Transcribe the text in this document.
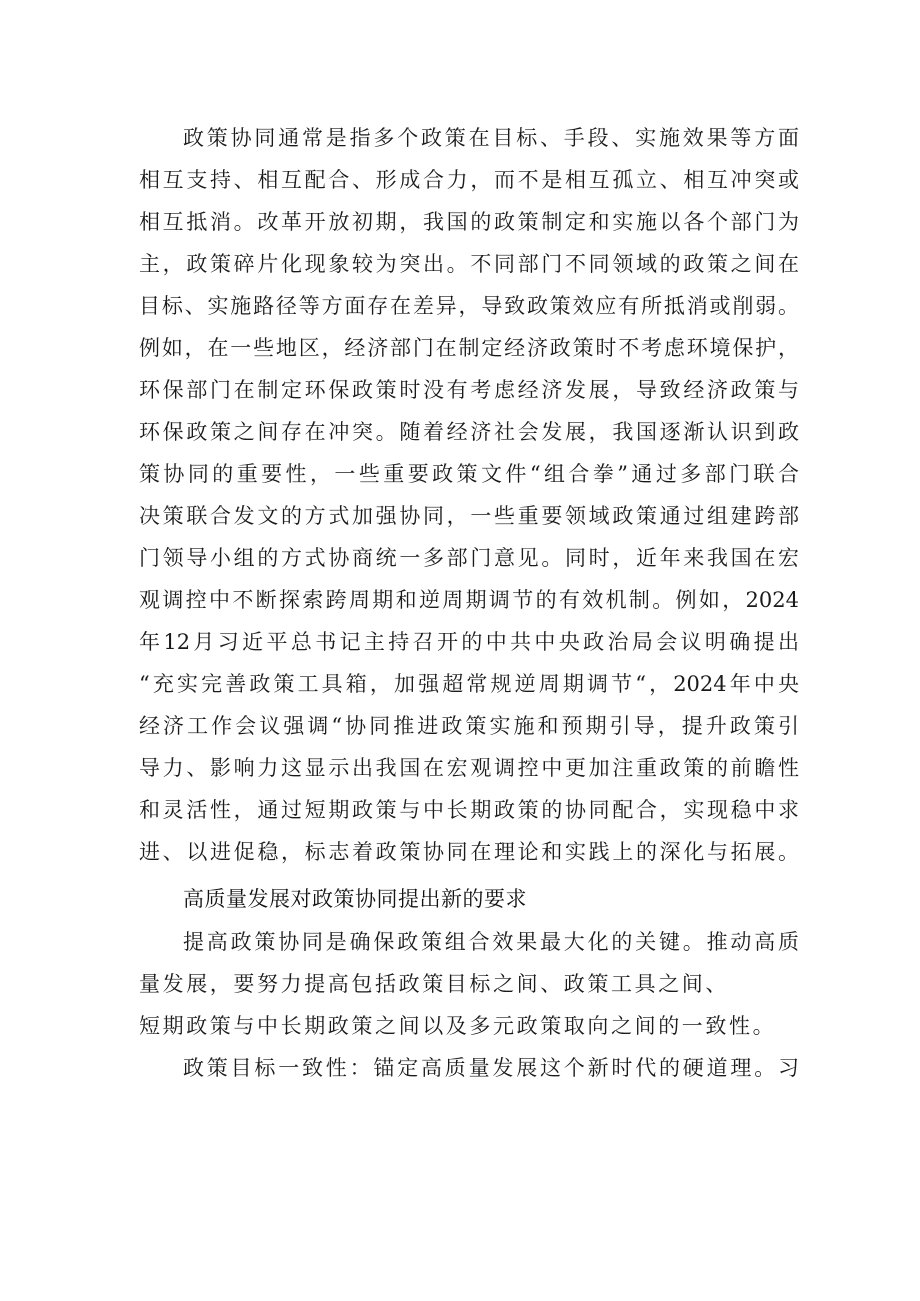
政策协同通常是指多个政策在目标、手段、实施效果等方面
相互支持、相互配合、形成合力，而不是相互孤立、相互冲突或
相互抵消。改革开放初期，我国的政策制定和实施以各个部门为
主，政策碎片化现象较为突出。不同部门不同领域的政策之间在
目标、实施路径等方面存在差异，导致政策效应有所抵消或削弱。
例如，在一些地区，经济部门在制定经济政策时不考虑环境保护，
环保部门在制定环保政策时没有考虑经济发展，导致经济政策与
环保政策之间存在冲突。随着经济社会发展，我国逐渐认识到政
策协同的重要性，一些重要政策文件“组合拳”通过多部门联合
决策联合发文的方式加强协同，一些重要领域政策通过组建跨部
门领导小组的方式协商统一多部门意见。同时，近年来我国在宏
观调控中不断探索跨周期和逆周期调节的有效机制。例如，2024
年12月习近平总书记主持召开的中共中央政治局会议明确提出
“充实完善政策工具箱，加强超常规逆周期调节“，2024年中央
经济工作会议强调“协同推进政策实施和预期引导，提升政策引
导力、影响力这显示出我国在宏观调控中更加注重政策的前瞻性
和灵活性，通过短期政策与中长期政策的协同配合，实现稳中求
进、以进促稳，标志着政策协同在理论和实践上的深化与拓展。
高质量发展对政策协同提出新的要求
提高政策协同是确保政策组合效果最大化的关键。推动高质
量发展，要努力提高包括政策目标之间、政策工具之间、
短期政策与中长期政策之间以及多元政策取向之间的一致性。
政策目标一致性：锚定高质量发展这个新时代的硬道理。习
